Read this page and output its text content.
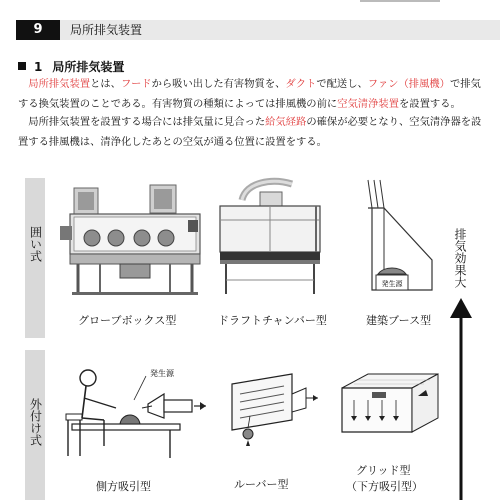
9	局所排気装置
1 局所排気装置
　局所排気装置とは、フードから吸い出した有害物質を、ダクトで配送し、ファン（排風機）で排気する換気装置のことである。有害物質の種類によっては排風機の前に空気清浄装置を設置する。
　局所排気装置を設置する場合には排気量に見合った給気経路の確保が必要となり、空気清浄器を設置する排風機は、清浄化したあとの空気が通る位置に設置をする。
囲い式
外付け式
発生源
発生源
グローブボックス型	ドラフトチャンバー型	建築ブース型
側方吸引型	ルーバー型
グリッド型
（下方吸引型）
排気効果大
